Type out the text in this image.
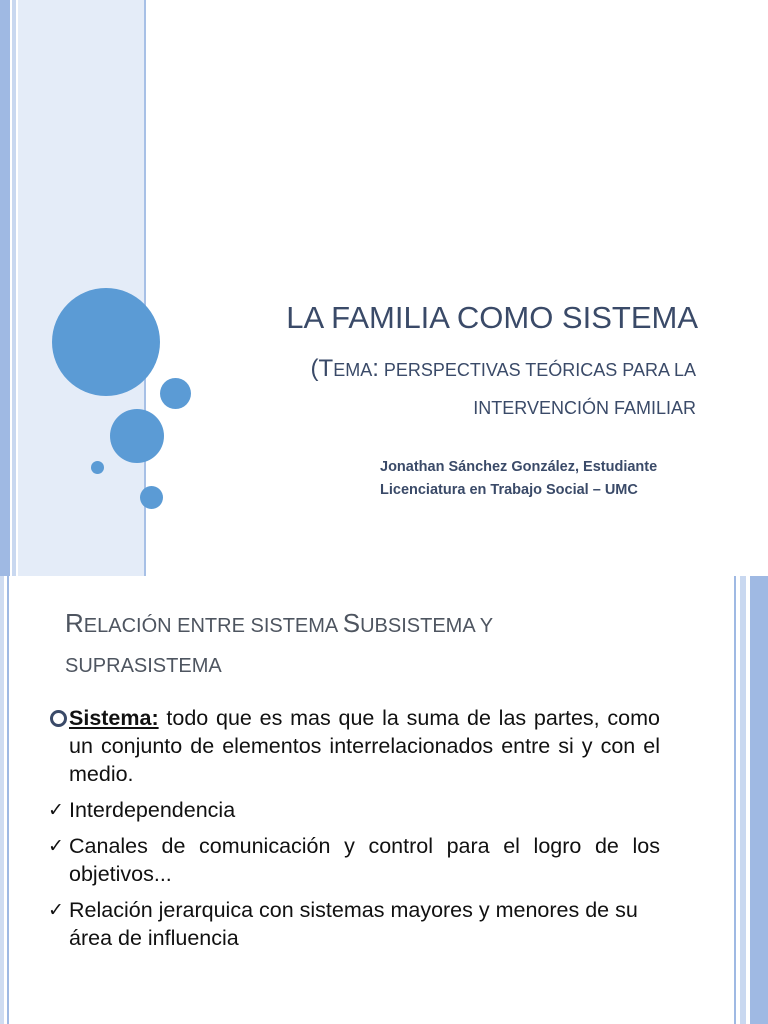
LA FAMILIA COMO SISTEMA
(TEMA: PERSPECTIVAS TEÓRICAS PARA LA
INTERVENCIÓN FAMILIAR
Jonathan Sánchez González, Estudiante
Licenciatura en Trabajo Social – UMC
RELACIÓN ENTRE SISTEMA SUBSISTEMA Y
SUPRASISTEMA
Sistema: todo que es mas que la suma de las partes, como un conjunto de elementos interrelacionados entre si y con el medio.
✓ Interdependencia
✓ Canales de comunicación y control para el logro de los objetivos...
✓ Relación jerarquica con sistemas mayores y menores de su área de influencia
